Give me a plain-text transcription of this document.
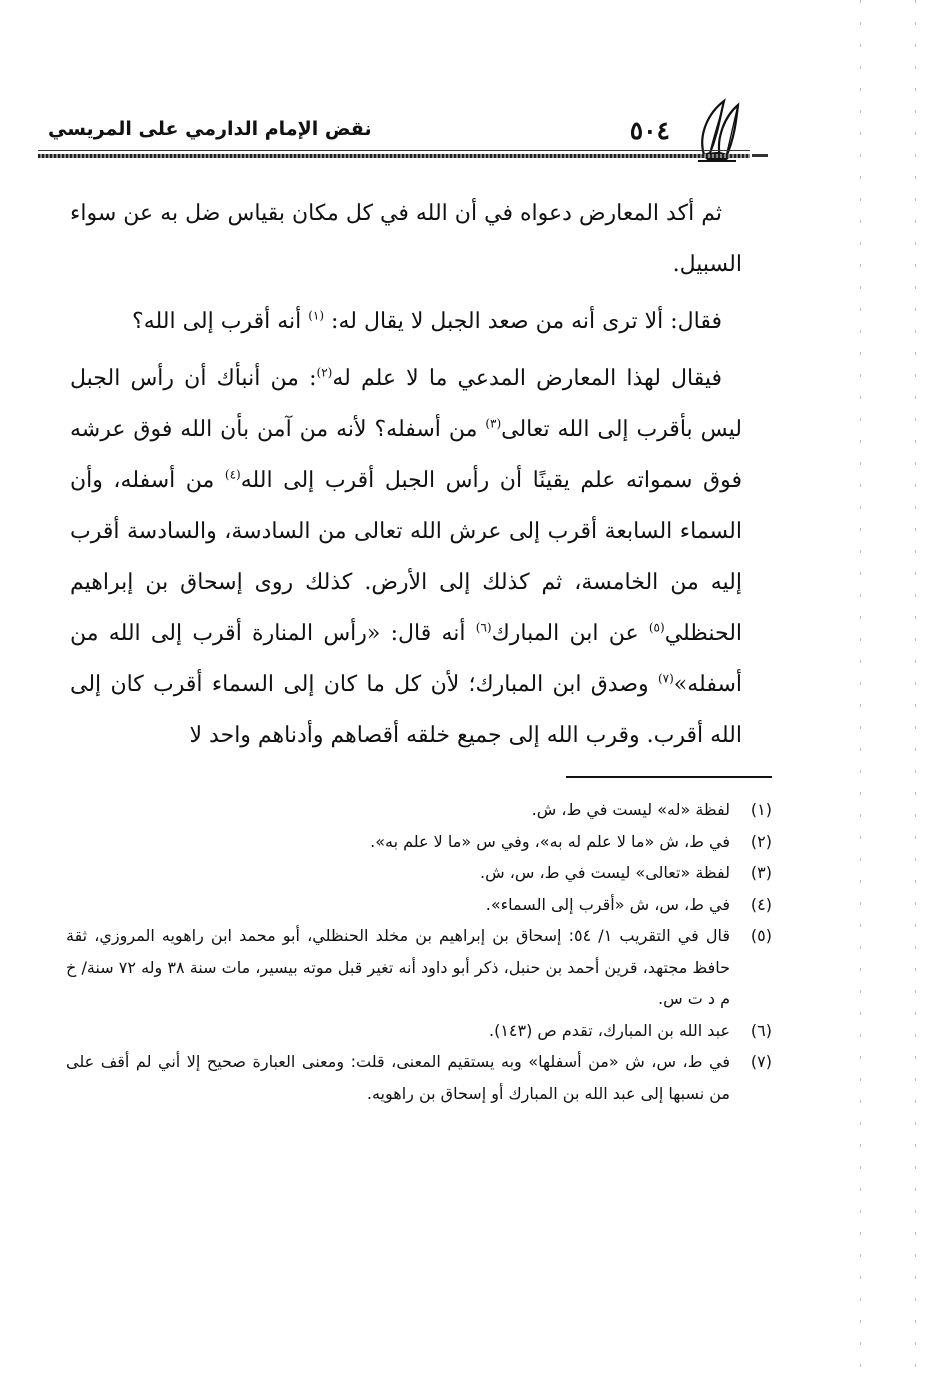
٥٠٤
نقض الإمام الدارمي على المريسي

ثم أكد المعارض دعواه في أن الله في كل مكان بقياس ضل به عن سواء السبيل.

فقال: ألا ترى أنه من صعد الجبل لا يقال له: $^{(١)}$ أنه أقرب إلى الله؟

فيقال لهذا المعارض المدعي ما لا علم له$^{(٢)}$: من أنبأك أن رأس الجبل ليس بأقرب إلى الله تعالى$^{(٣)}$ من أسفله؟ لأنه من آمن بأن الله فوق عرشه فوق سمواته علم يقينًا أن رأس الجبل أقرب إلى الله$^{(٤)}$ من أسفله، وأن السماء السابعة أقرب إلى عرش الله تعالى من السادسة، والسادسة أقرب إليه من الخامسة، ثم كذلك إلى الأرض. كذلك روى إسحاق بن إبراهيم الحنظلي$^{(٥)}$ عن ابن المبارك$^{(٦)}$ أنه قال: «رأس المنارة أقرب إلى الله من أسفله»$^{(٧)}$ وصدق ابن المبارك؛ لأن كل ما كان إلى السماء أقرب كان إلى الله أقرب. وقرب الله إلى جميع خلقه أقصاهم وأدناهم واحد لا

(١)
لفظة «له» ليست في ط، ش.
(٢)
في ط، ش «ما لا علم له به»، وفي س «ما لا علم به».
(٣)
لفظة «تعالى» ليست في ط، س، ش.
(٤)
في ط، س، ش «أقرب إلى السماء».
(٥)
قال في التقريب ١/ ٥٤: إسحاق بن إبراهيم بن مخلد الحنظلي، أبو محمد ابن راهويه المروزي، ثقة حافظ مجتهد، قرين أحمد بن حنبل، ذكر أبو داود أنه تغير قبل موته بيسير، مات سنة ٣٨ وله ٧٢ سنة/ خ م د ت س.
(٦)
عبد الله بن المبارك، تقدم ص (١٤٣).
(٧)
في ط، س، ش «من أسفلها» وبه يستقيم المعنى، قلت: ومعنى العبارة صحيح إلا أني لم أقف على من نسبها إلى عبد الله بن المبارك أو إسحاق بن راهويه.
